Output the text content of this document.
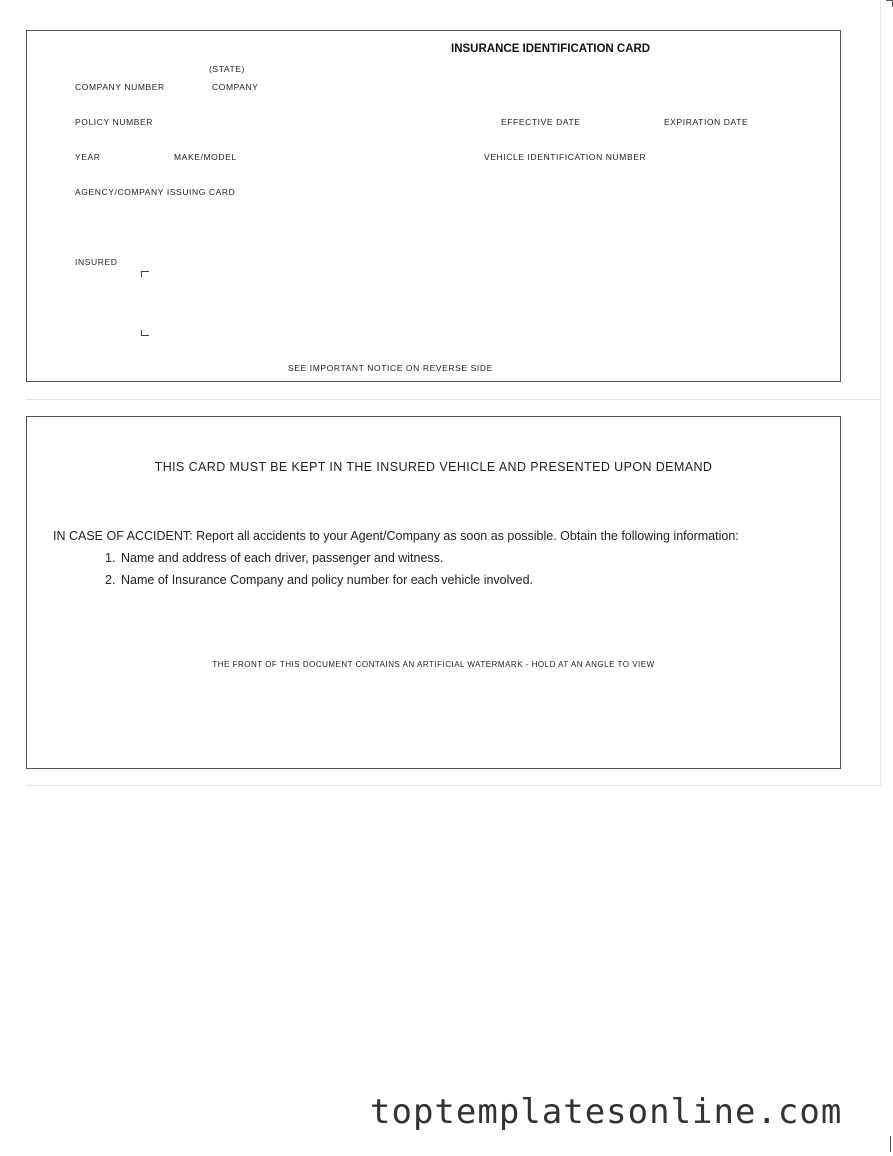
INSURANCE IDENTIFICATION CARD
(STATE)
COMPANY NUMBER	COMPANY
POLICY NUMBER	EFFECTIVE DATE	EXPIRATION DATE
YEAR	MAKE/MODEL	VEHICLE IDENTIFICATION NUMBER
AGENCY/COMPANY ISSUING CARD
INSURED
SEE IMPORTANT NOTICE ON REVERSE SIDE
THIS CARD MUST BE KEPT IN THE INSURED VEHICLE AND PRESENTED UPON DEMAND
IN CASE OF ACCIDENT: Report all accidents to your Agent/Company as soon as possible. Obtain the following information:
1. Name and address of each driver, passenger and witness.
2. Name of Insurance Company and policy number for each vehicle involved.
THE FRONT OF THIS DOCUMENT CONTAINS AN ARTIFICIAL WATERMARK - HOLD AT AN ANGLE TO VIEW
toptemplatesonline.com
